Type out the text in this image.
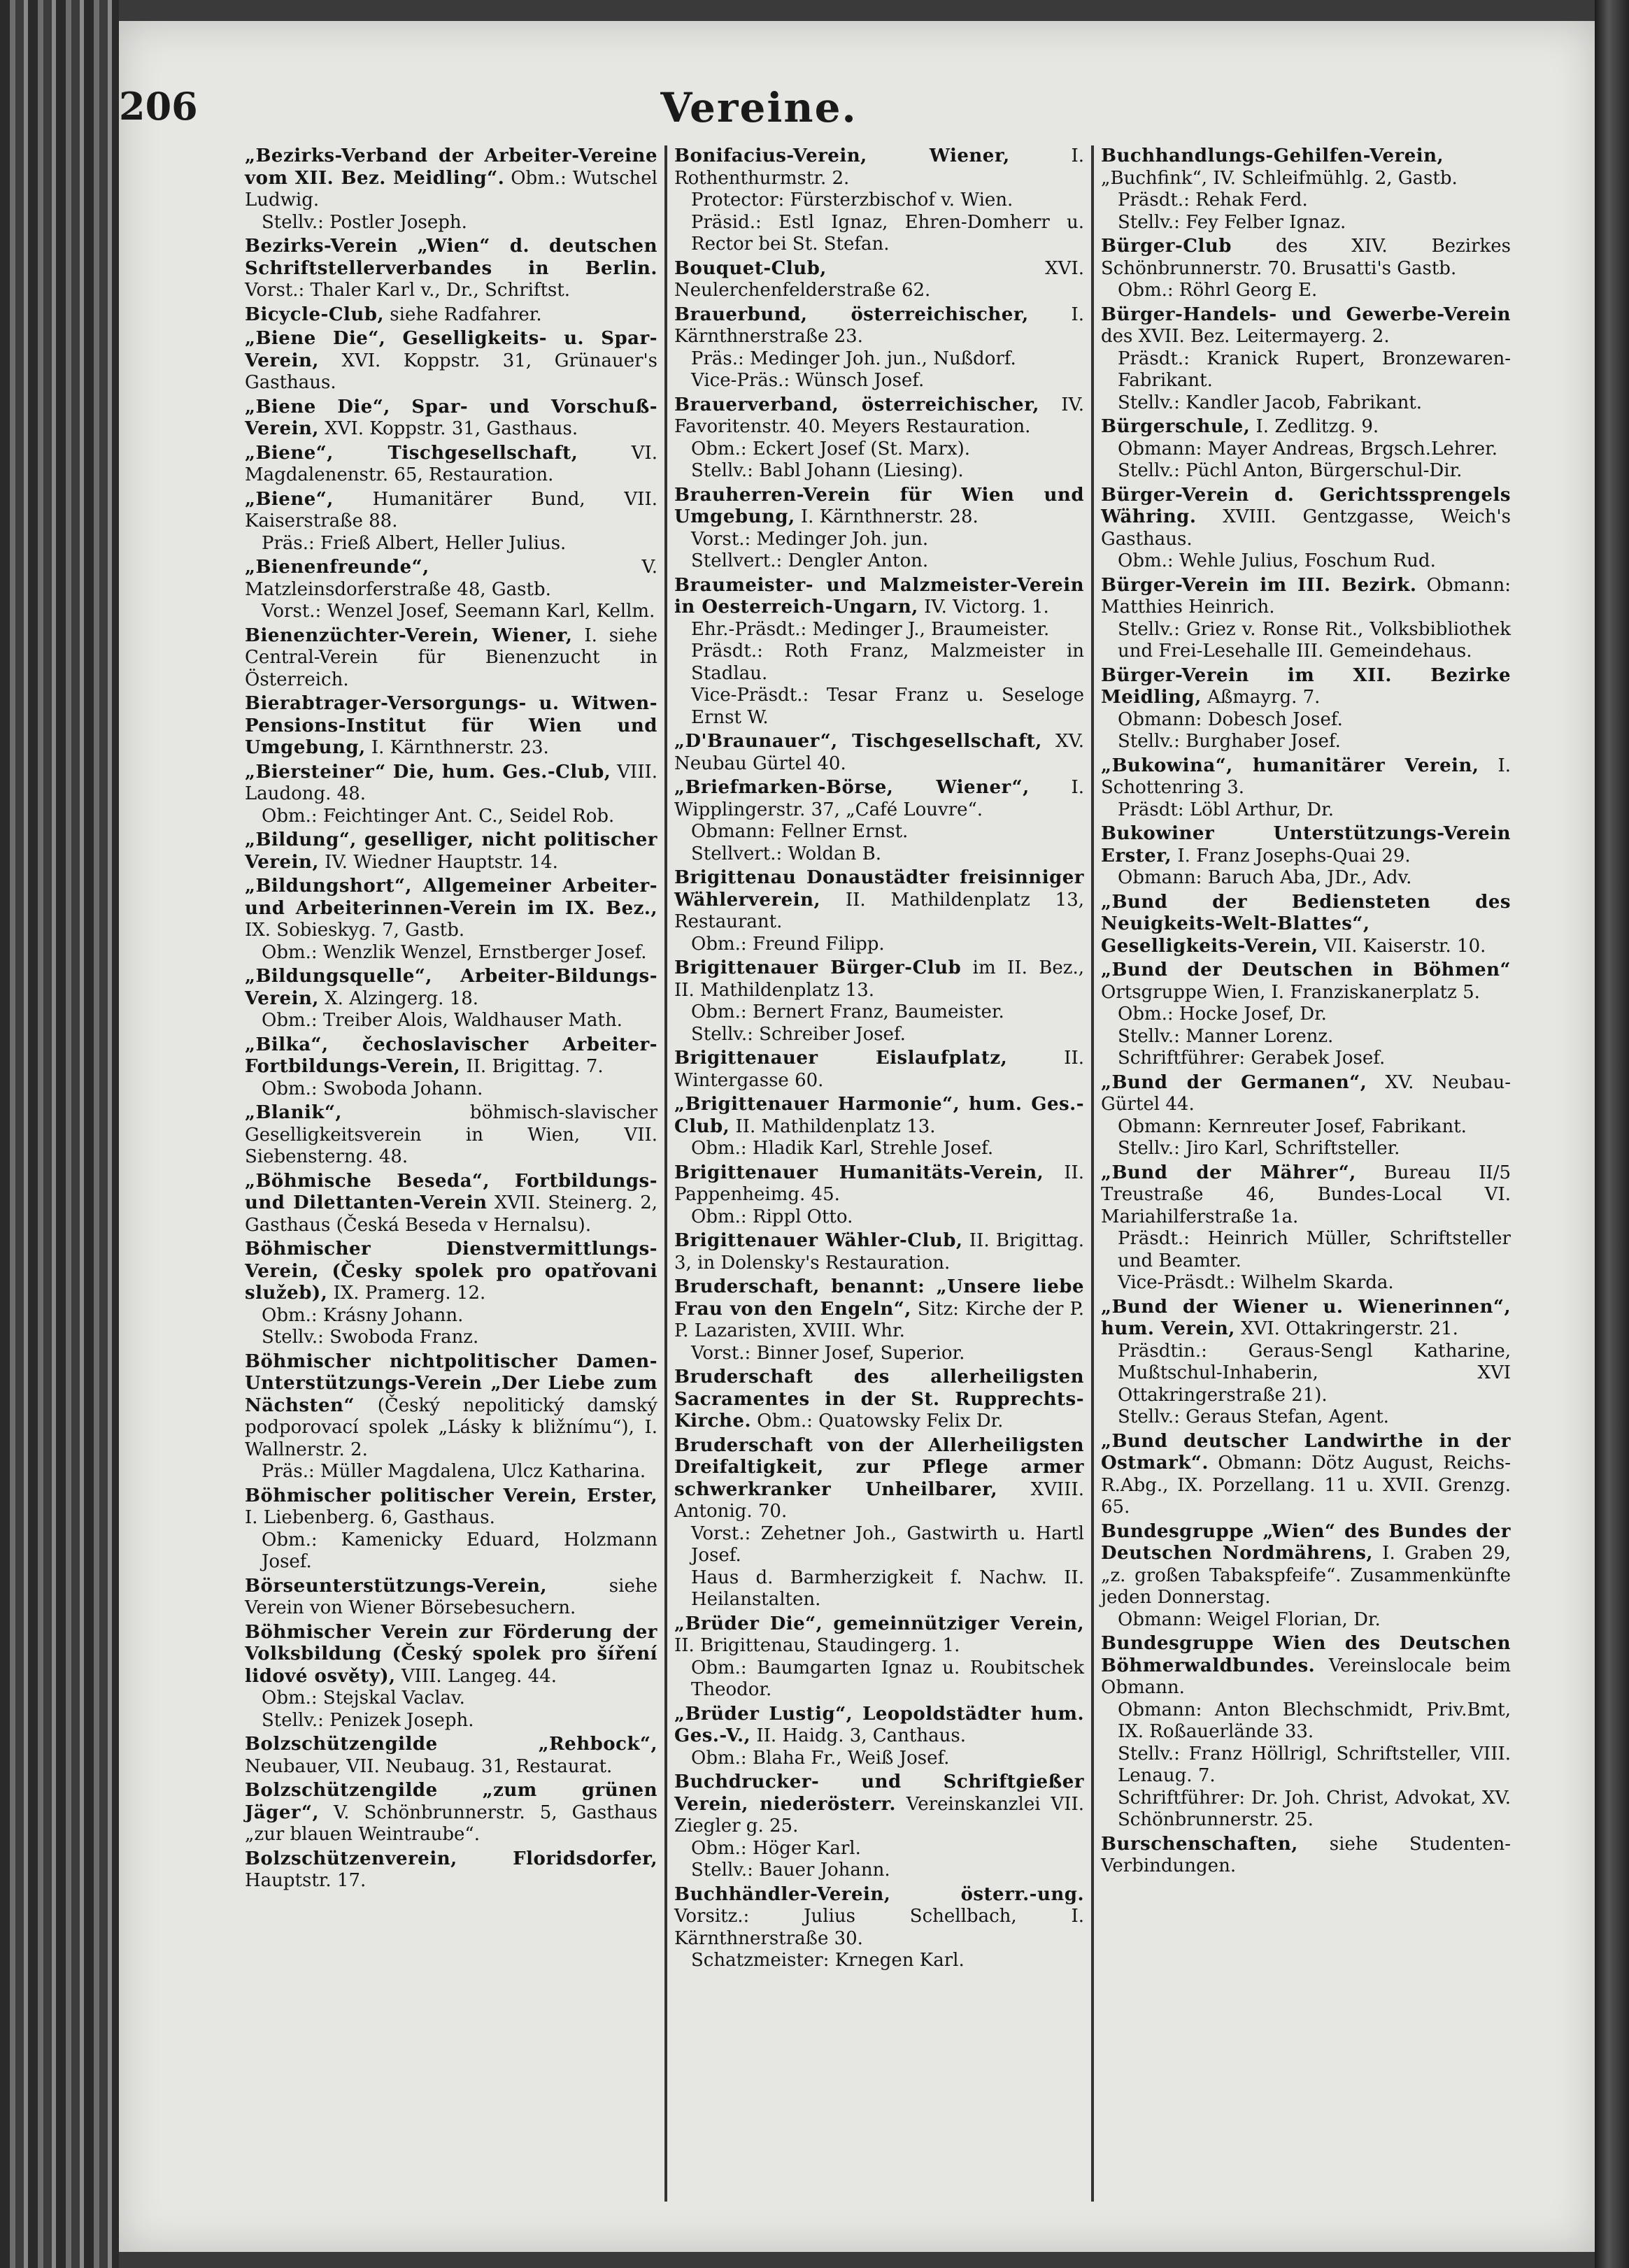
Vereine.
206

„Bezirks-Verband der Arbeiter-Vereine vom XII. Bez. Meidling“. Obm.: Wutschel Ludwig.
Stellv.: Postler Joseph.

Bezirks-Verein „Wien“ d. deutschen Schriftstellerverbandes in Berlin. Vorst.: Thaler Karl v., Dr., Schriftst.

Bicycle-Club, siehe Radfahrer.

„Biene Die“, Geselligkeits- u. Spar-Verein, XVI. Koppstr. 31, Grünauer's Gasthaus.

„Biene Die“, Spar- und Vorschuß-Verein, XVI. Koppstr. 31, Gasthaus.

„Biene“, Tischgesellschaft, VI. Magdalenenstr. 65, Restauration.

„Biene“, Humanitärer Bund, VII. Kaiserstraße 88.
Präs.: Frieß Albert, Heller Julius.

„Bienenfreunde“, V. Matzleinsdorferstraße 48, Gastb.
Vorst.: Wenzel Josef, Seemann Karl, Kellm.

Bienenzüchter-Verein, Wiener, I. siehe Central-Verein für Bienenzucht in Österreich.

Bierabtrager-Versorgungs- u. Witwen-Pensions-Institut für Wien und Umgebung, I. Kärnthnerstr. 23.

„Biersteiner“ Die, hum. Ges.-Club, VIII. Laudong. 48.
Obm.: Feichtinger Ant. C., Seidel Rob.

„Bildung“, geselliger, nicht politischer Verein, IV. Wiedner Hauptstr. 14.

„Bildungshort“, Allgemeiner Arbeiter- und Arbeiterinnen-Verein im IX. Bez., IX. Sobieskyg. 7, Gastb.
Obm.: Wenzlik Wenzel, Ernstberger Josef.

„Bildungsquelle“, Arbeiter-Bildungs-Verein, X. Alzingerg. 18.
Obm.: Treiber Alois, Waldhauser Math.

„Bilka“, čechoslavischer Arbeiter-Fortbildungs-Verein, II. Brigittag. 7.
Obm.: Swoboda Johann.

„Blanik“, böhmisch-slavischer Geselligkeitsverein in Wien, VII. Siebensterng. 48.

„Böhmische Beseda“, Fortbildungs- und Dilettanten-Verein XVII. Steinerg. 2, Gasthaus (Česká Beseda v Hernalsu).

Böhmischer Dienstvermittlungs-Verein, (Česky spolek pro opatřovani služeb), IX. Pramerg. 12.
Obm.: Krásny Johann.
Stellv.: Swoboda Franz.

Böhmischer nichtpolitischer Damen-Unterstützungs-Verein „Der Liebe zum Nächsten“ (Český nepolitický damský podporovací spolek „Lásky k bližnímu“), I. Wallnerstr. 2.
Präs.: Müller Magdalena, Ulcz Katharina.

Böhmischer politischer Verein, Erster, I. Liebenberg. 6, Gasthaus.
Obm.: Kamenicky Eduard, Holzmann Josef.

Börseunterstützungs-Verein, siehe Verein von Wiener Börsebesuchern.

Böhmischer Verein zur Förderung der Volksbildung (Český spolek pro šíření lidové osvěty), VIII. Langeg. 44.
Obm.: Stejskal Vaclav.
Stellv.: Penizek Joseph.

Bolzschützengilde „Rehbock“, Neubauer, VII. Neubaug. 31, Restaurat.

Bolzschützengilde „zum grünen Jäger“, V. Schönbrunnerstr. 5, Gasthaus „zur blauen Weintraube“.

Bolzschützenverein, Floridsdorfer, Hauptstr. 17.

Bonifacius-Verein, Wiener, I. Rothenthurmstr. 2.
Protector: Fürsterzbischof v. Wien.
Präsid.: Estl Ignaz, Ehren-Domherr u. Rector bei St. Stefan.

Bouquet-Club, XVI. Neulerchenfelderstraße 62.

Brauerbund, österreichischer, I. Kärnthnerstraße 23.
Präs.: Medinger Joh. jun., Nußdorf.
Vice-Präs.: Wünsch Josef.

Brauerverband, österreichischer, IV. Favoritenstr. 40. Meyers Restauration.
Obm.: Eckert Josef (St. Marx).
Stellv.: Babl Johann (Liesing).

Brauherren-Verein für Wien und Umgebung, I. Kärnthnerstr. 28.
Vorst.: Medinger Joh. jun.
Stellvert.: Dengler Anton.

Braumeister- und Malzmeister-Verein in Oesterreich-Ungarn, IV. Victorg. 1.
Ehr.-Präsdt.: Medinger J., Braumeister.
Präsdt.: Roth Franz, Malzmeister in Stadlau.
Vice-Präsdt.: Tesar Franz u. Seseloge Ernst W.

„D'Braunauer“, Tischgesellschaft, XV. Neubau Gürtel 40.

„Briefmarken-Börse, Wiener“, I. Wipplingerstr. 37, „Café Louvre“.
Obmann: Fellner Ernst.
Stellvert.: Woldan B.

Brigittenau Donaustädter freisinniger Wählerverein, II. Mathildenplatz 13, Restaurant.
Obm.: Freund Filipp.

Brigittenauer Bürger-Club im II. Bez., II. Mathildenplatz 13.
Obm.: Bernert Franz, Baumeister.
Stellv.: Schreiber Josef.

Brigittenauer Eislaufplatz, II. Wintergasse 60.

„Brigittenauer Harmonie“, hum. Ges.-Club, II. Mathildenplatz 13.
Obm.: Hladik Karl, Strehle Josef.

Brigittenauer Humanitäts-Verein, II. Pappenheimg. 45.
Obm.: Rippl Otto.

Brigittenauer Wähler-Club, II. Brigittag. 3, in Dolensky's Restauration.

Bruderschaft, benannt: „Unsere liebe Frau von den Engeln“, Sitz: Kirche der P. P. Lazaristen, XVIII. Whr.
Vorst.: Binner Josef, Superior.

Bruderschaft des allerheiligsten Sacramentes in der St. Rupprechts-Kirche. Obm.: Quatowsky Felix Dr.

Bruderschaft von der Allerheiligsten Dreifaltigkeit, zur Pflege armer schwerkranker Unheilbarer, XVIII. Antonig. 70.
Vorst.: Zehetner Joh., Gastwirth u. Hartl Josef.
Haus d. Barmherzigkeit f. Nachw. II. Heilanstalten.

„Brüder Die“, gemeinnütziger Verein, II. Brigittenau, Staudingerg. 1.
Obm.: Baumgarten Ignaz u. Roubitschek Theodor.

„Brüder Lustig“, Leopoldstädter hum. Ges.-V., II. Haidg. 3, Canthaus.
Obm.: Blaha Fr., Weiß Josef.

Buchdrucker- und Schriftgießer Verein, niederösterr. Vereinskanzlei VII. Ziegler g. 25.
Obm.: Höger Karl.
Stellv.: Bauer Johann.

Buchhändler-Verein, österr.-ung. Vorsitz.: Julius Schellbach, I. Kärnthnerstraße 30.
Schatzmeister: Krnegen Karl.

Buchhandlungs-Gehilfen-Verein, „Buchfink“, IV. Schleifmühlg. 2, Gastb.
Präsdt.: Rehak Ferd.
Stellv.: Fey Felber Ignaz.

Bürger-Club des XIV. Bezirkes Schönbrunnerstr. 70. Brusatti's Gastb.
Obm.: Röhrl Georg E.

Bürger-Handels- und Gewerbe-Verein des XVII. Bez. Leitermayerg. 2.
Präsdt.: Kranick Rupert, Bronzewaren-Fabrikant.
Stellv.: Kandler Jacob, Fabrikant.

Bürgerschule, I. Zedlitzg. 9.
Obmann: Mayer Andreas, Brgsch.Lehrer.
Stellv.: Püchl Anton, Bürgerschul-Dir.

Bürger-Verein d. Gerichtssprengels Währing. XVIII. Gentzgasse, Weich's Gasthaus.
Obm.: Wehle Julius, Foschum Rud.

Bürger-Verein im III. Bezirk. Obmann: Matthies Heinrich.
Stellv.: Griez v. Ronse Rit., Volksbibliothek und Frei-Lesehalle III. Gemeindehaus.

Bürger-Verein im XII. Bezirke Meidling, Aßmayrg. 7.
Obmann: Dobesch Josef.
Stellv.: Burghaber Josef.

„Bukowina“, humanitärer Verein, I. Schottenring 3.
Präsdt: Löbl Arthur, Dr.

Bukowiner Unterstützungs-Verein Erster, I. Franz Josephs-Quai 29.
Obmann: Baruch Aba, JDr., Adv.

„Bund der Bediensteten des Neuigkeits-Welt-Blattes“, Geselligkeits-Verein, VII. Kaiserstr. 10.

„Bund der Deutschen in Böhmen“ Ortsgruppe Wien, I. Franziskanerplatz 5.
Obm.: Hocke Josef, Dr.
Stellv.: Manner Lorenz.
Schriftführer: Gerabek Josef.

„Bund der Germanen“, XV. Neubau-Gürtel 44.
Obmann: Kernreuter Josef, Fabrikant.
Stellv.: Jiro Karl, Schriftsteller.

„Bund der Mährer“, Bureau II/5 Treustraße 46, Bundes-Local VI. Mariahilferstraße 1a.
Präsdt.: Heinrich Müller, Schriftsteller und Beamter.
Vice-Präsdt.: Wilhelm Skarda.

„Bund der Wiener u. Wienerinnen“, hum. Verein, XVI. Ottakringerstr. 21.
Präsdtin.: Geraus-Sengl Katharine, Mußtschul-Inhaberin, XVI Ottakringerstraße 21).
Stellv.: Geraus Stefan, Agent.

„Bund deutscher Landwirthe in der Ostmark“. Obmann: Dötz August, Reichs-R.Abg., IX. Porzellang. 11 u. XVII. Grenzg. 65.

Bundesgruppe „Wien“ des Bundes der Deutschen Nordmährens, I. Graben 29, „z. großen Tabakspfeife“. Zusammenkünfte jeden Donnerstag.
Obmann: Weigel Florian, Dr.

Bundesgruppe Wien des Deutschen Böhmerwaldbundes. Vereinslocale beim Obmann.
Obmann: Anton Blechschmidt, Priv.Bmt, IX. Roßauerlände 33.
Stellv.: Franz Höllrigl, Schriftsteller, VIII. Lenaug. 7.
Schriftführer: Dr. Joh. Christ, Advokat, XV. Schönbrunnerstr. 25.

Burschenschaften, siehe Studenten-Verbindungen.
